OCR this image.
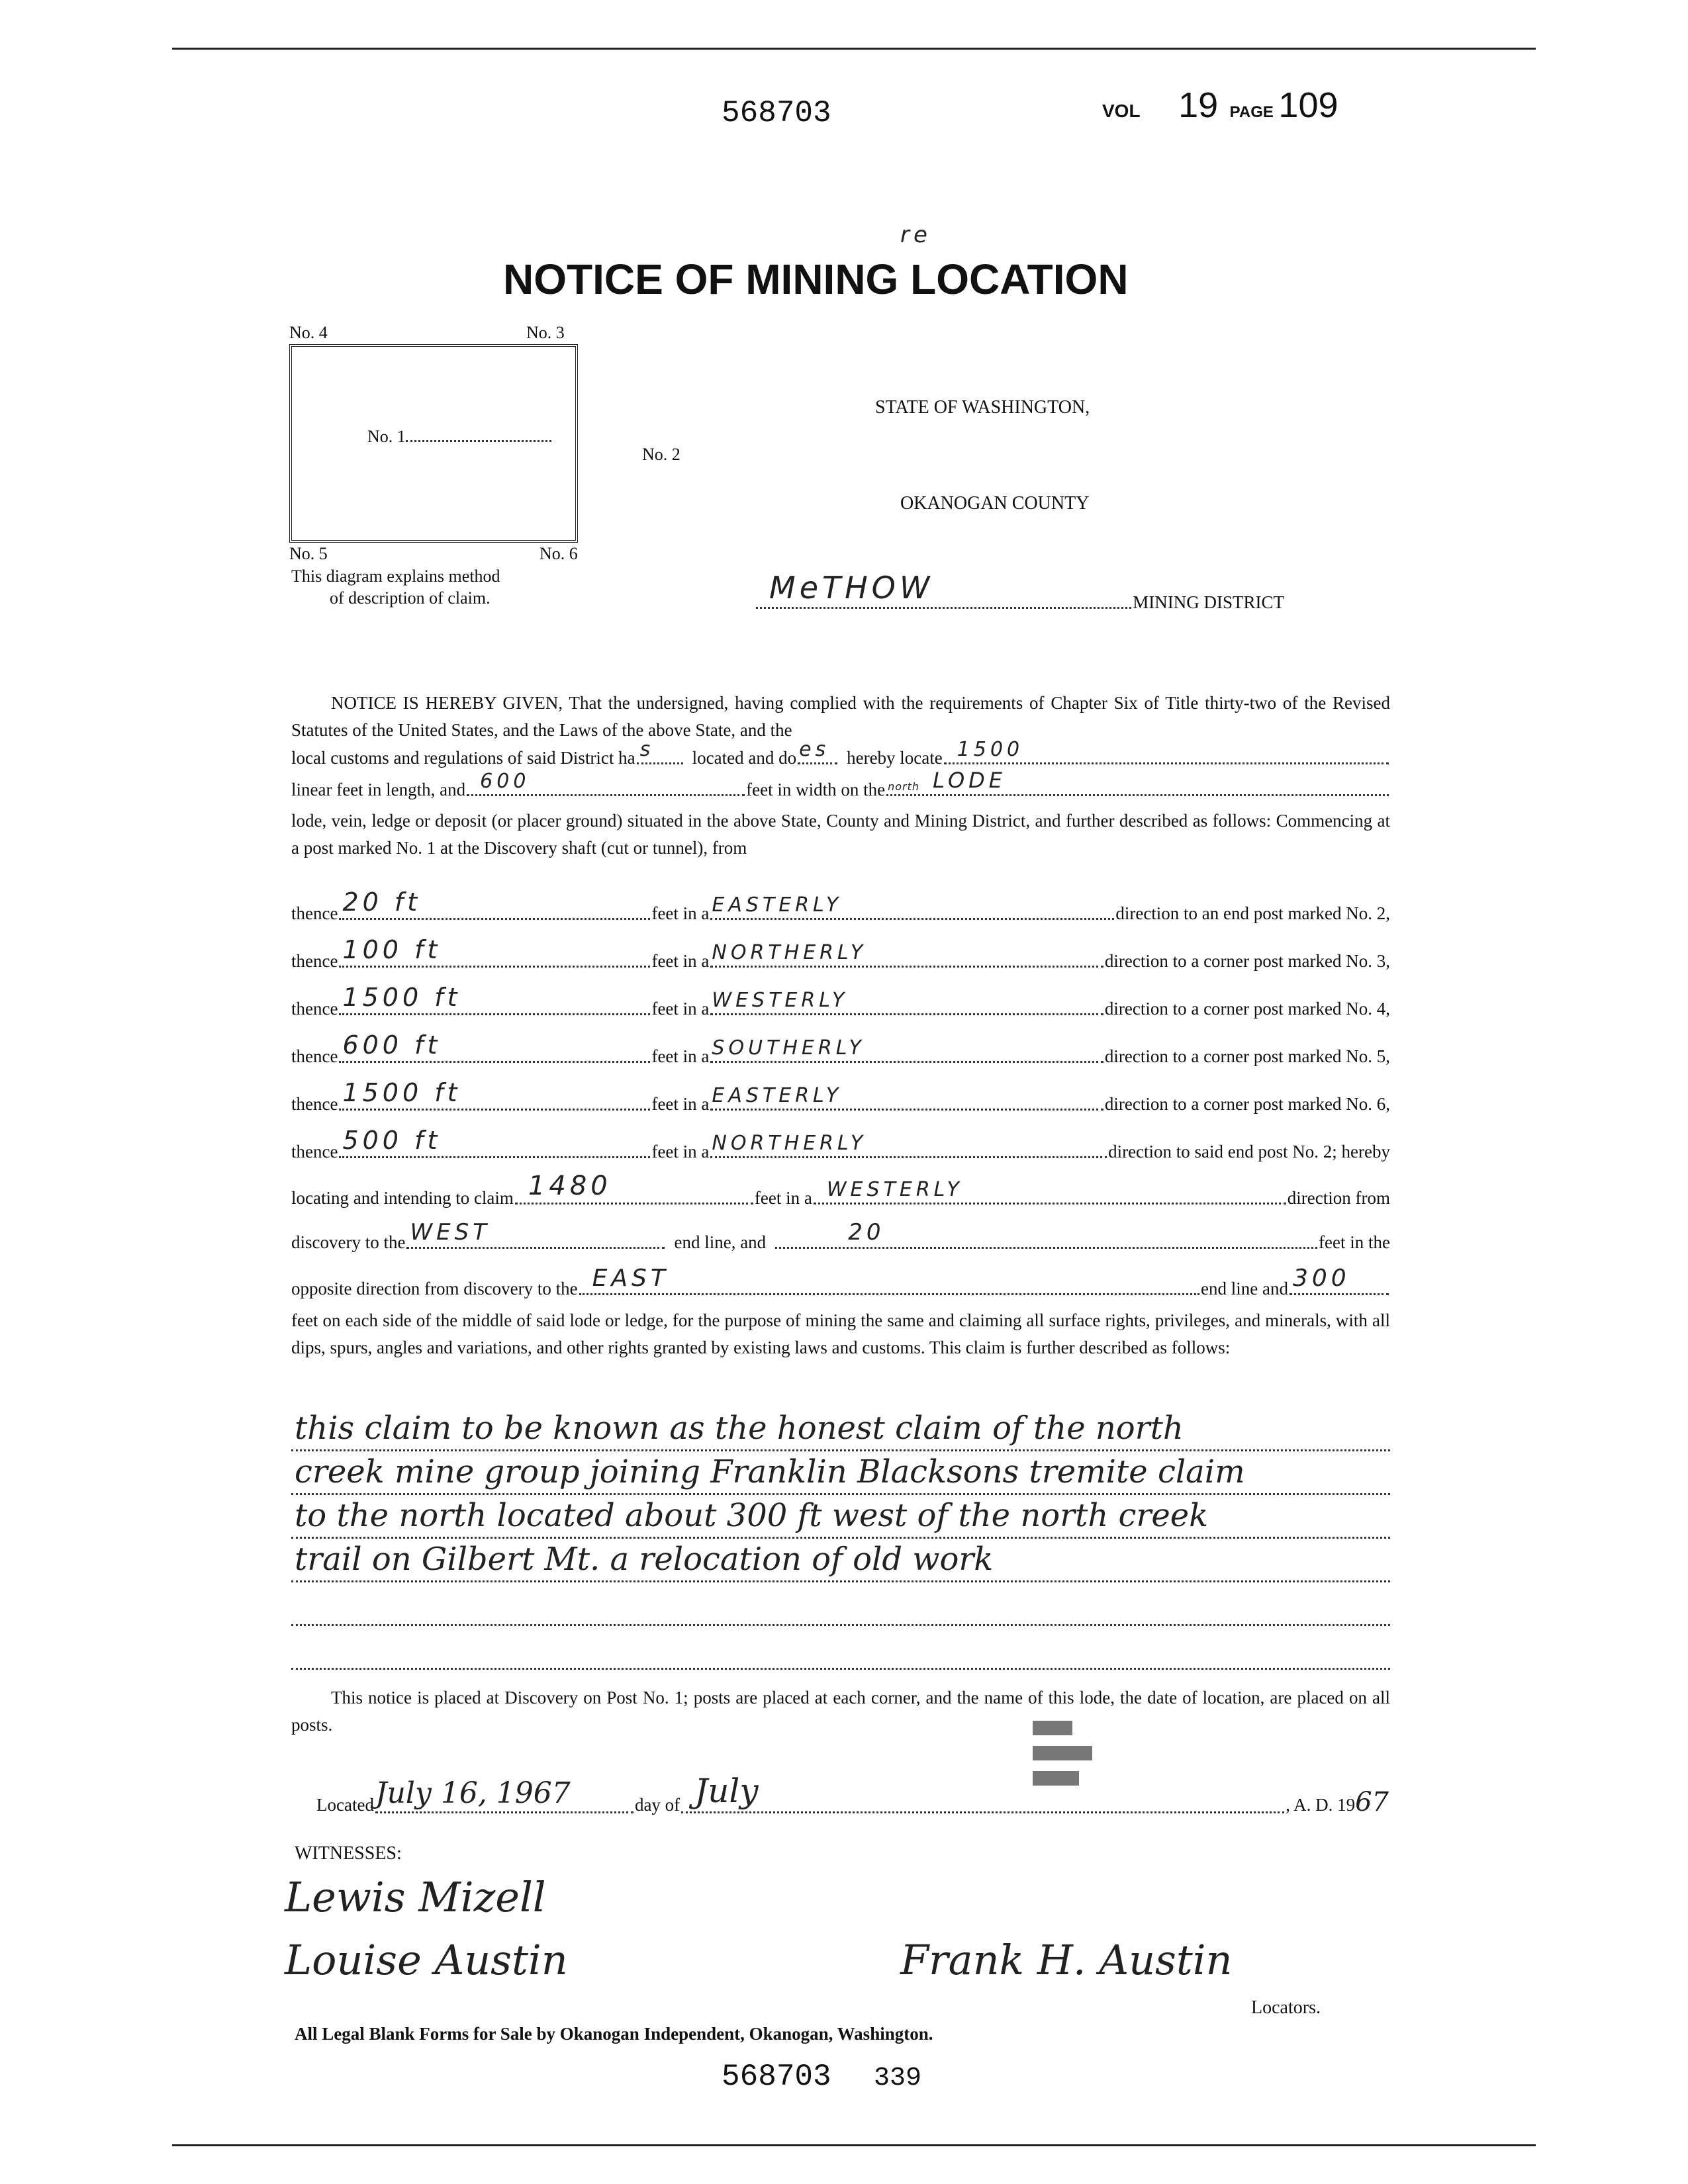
568703	VOL 19 PAGE 109
re
NOTICE OF MINING LOCATION
No. 4	No. 3
No. 1
No. 2
No. 5	No. 6
This diagram explains method
of description of claim.
STATE OF WASHINGTON,
OKANOGAN COUNTY
MeTHOW	MINING DISTRICT
NOTICE IS HEREBY GIVEN, That the undersigned, having complied with the requirements of Chapter Six of Title thirty-two of the Revised Statutes of the United States, and the Laws of the above State, and the
local customs and regulations of said District ha s located and do es hereby locate 1500
linear feet in length, and 600	feet in width on the north LODE
lode, vein, ledge or deposit (or placer ground) situated in the above State, County and Mining District, and further described as follows: Commencing at a post marked No. 1 at the Discovery shaft (cut or tunnel), from
thence 20 ft	feet in a EASTERLY	direction to an end post marked No. 2,
thence 100 ft	feet in a NORTHERLY	direction to a corner post marked No. 3,
thence 1500 ft	feet in a WESTERLY	direction to a corner post marked No. 4,
thence 600 ft	feet in a SOUTHERLY	direction to a corner post marked No. 5,
thence 1500 ft	feet in a EASTERLY	direction to a corner post marked No. 6,
thence 500 ft	feet in a NORTHERLY	direction to said end post No. 2; hereby
locating and intending to claim 1480	feet in a WESTERLY	direction from
discovery to the WEST	end line, and	20	feet in the
opposite direction from discovery to the EAST	end line and 300
feet on each side of the middle of said lode or ledge, for the purpose of mining the same and claiming all surface rights, privileges, and minerals, with all dips, spurs, angles and variations, and other rights granted by existing laws and customs. This claim is further described as follows:
this claim to be known as the honest claim of the north
creek mine group joining Franklin Blacksons tremite claim
to the north located about 300 ft west of the north creek
trail on Gilbert Mt. a relocation of old work
This notice is placed at Discovery on Post No. 1; posts are placed at each corner, and the name of this lode, the date of location, are placed on all posts.
Located July 16, 1967	day of July	, A. D. 19 67
WITNESSES:
Lewis Mizell
Louise Austin	Frank H. Austin
Locators.
All Legal Blank Forms for Sale by Okanogan Independent, Okanogan, Washington.
568703 339
